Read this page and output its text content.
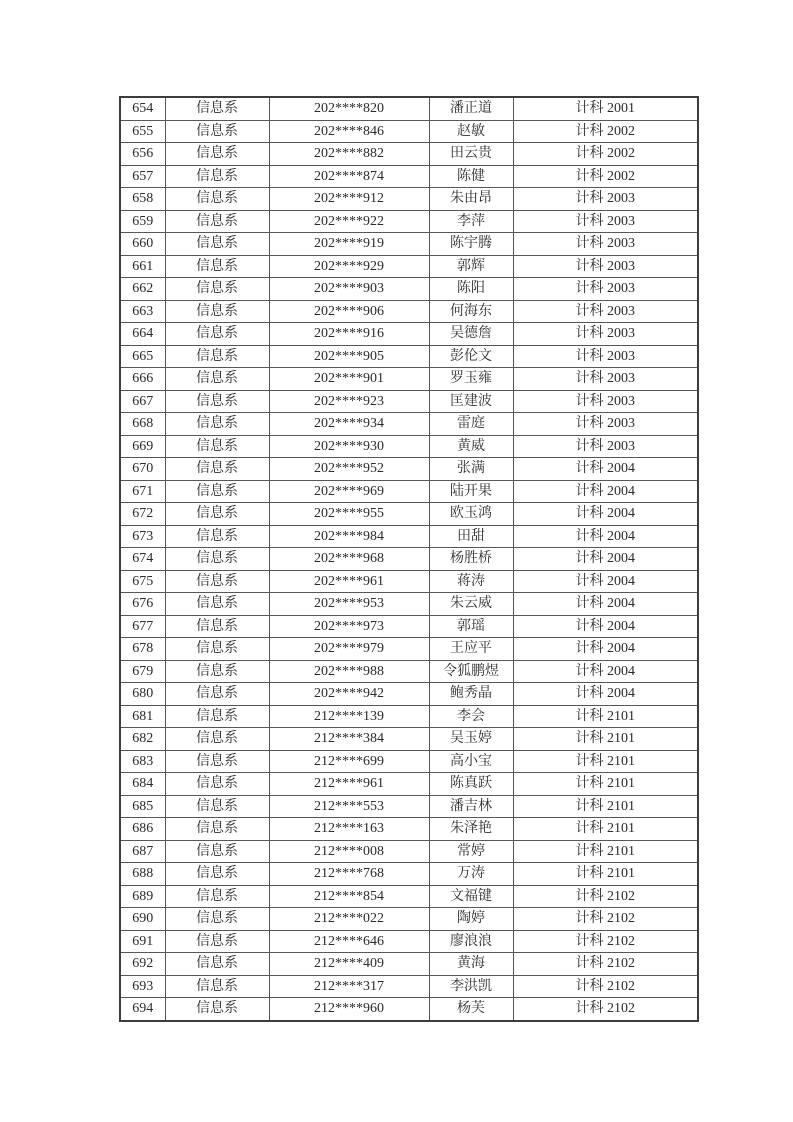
654	信息系	202****820	潘正道	计科 2001
655	信息系	202****846	赵敏	计科 2002
656	信息系	202****882	田云贵	计科 2002
657	信息系	202****874	陈健	计科 2002
658	信息系	202****912	朱由昂	计科 2003
659	信息系	202****922	李萍	计科 2003
660	信息系	202****919	陈宇腾	计科 2003
661	信息系	202****929	郭辉	计科 2003
662	信息系	202****903	陈阳	计科 2003
663	信息系	202****906	何海东	计科 2003
664	信息系	202****916	吴德詹	计科 2003
665	信息系	202****905	彭伦文	计科 2003
666	信息系	202****901	罗玉雍	计科 2003
667	信息系	202****923	匡建波	计科 2003
668	信息系	202****934	雷庭	计科 2003
669	信息系	202****930	黄威	计科 2003
670	信息系	202****952	张满	计科 2004
671	信息系	202****969	陆开果	计科 2004
672	信息系	202****955	欧玉鸿	计科 2004
673	信息系	202****984	田甜	计科 2004
674	信息系	202****968	杨胜桥	计科 2004
675	信息系	202****961	蒋涛	计科 2004
676	信息系	202****953	朱云威	计科 2004
677	信息系	202****973	郭瑶	计科 2004
678	信息系	202****979	王应平	计科 2004
679	信息系	202****988	令狐鹏煜	计科 2004
680	信息系	202****942	鲍秀晶	计科 2004
681	信息系	212****139	李会	计科 2101
682	信息系	212****384	吴玉婷	计科 2101
683	信息系	212****699	高小宝	计科 2101
684	信息系	212****961	陈真跃	计科 2101
685	信息系	212****553	潘吉林	计科 2101
686	信息系	212****163	朱泽艳	计科 2101
687	信息系	212****008	常婷	计科 2101
688	信息系	212****768	万涛	计科 2101
689	信息系	212****854	文福键	计科 2102
690	信息系	212****022	陶婷	计科 2102
691	信息系	212****646	廖浪浪	计科 2102
692	信息系	212****409	黄海	计科 2102
693	信息系	212****317	李洪凯	计科 2102
694	信息系	212****960	杨芙	计科 2102
